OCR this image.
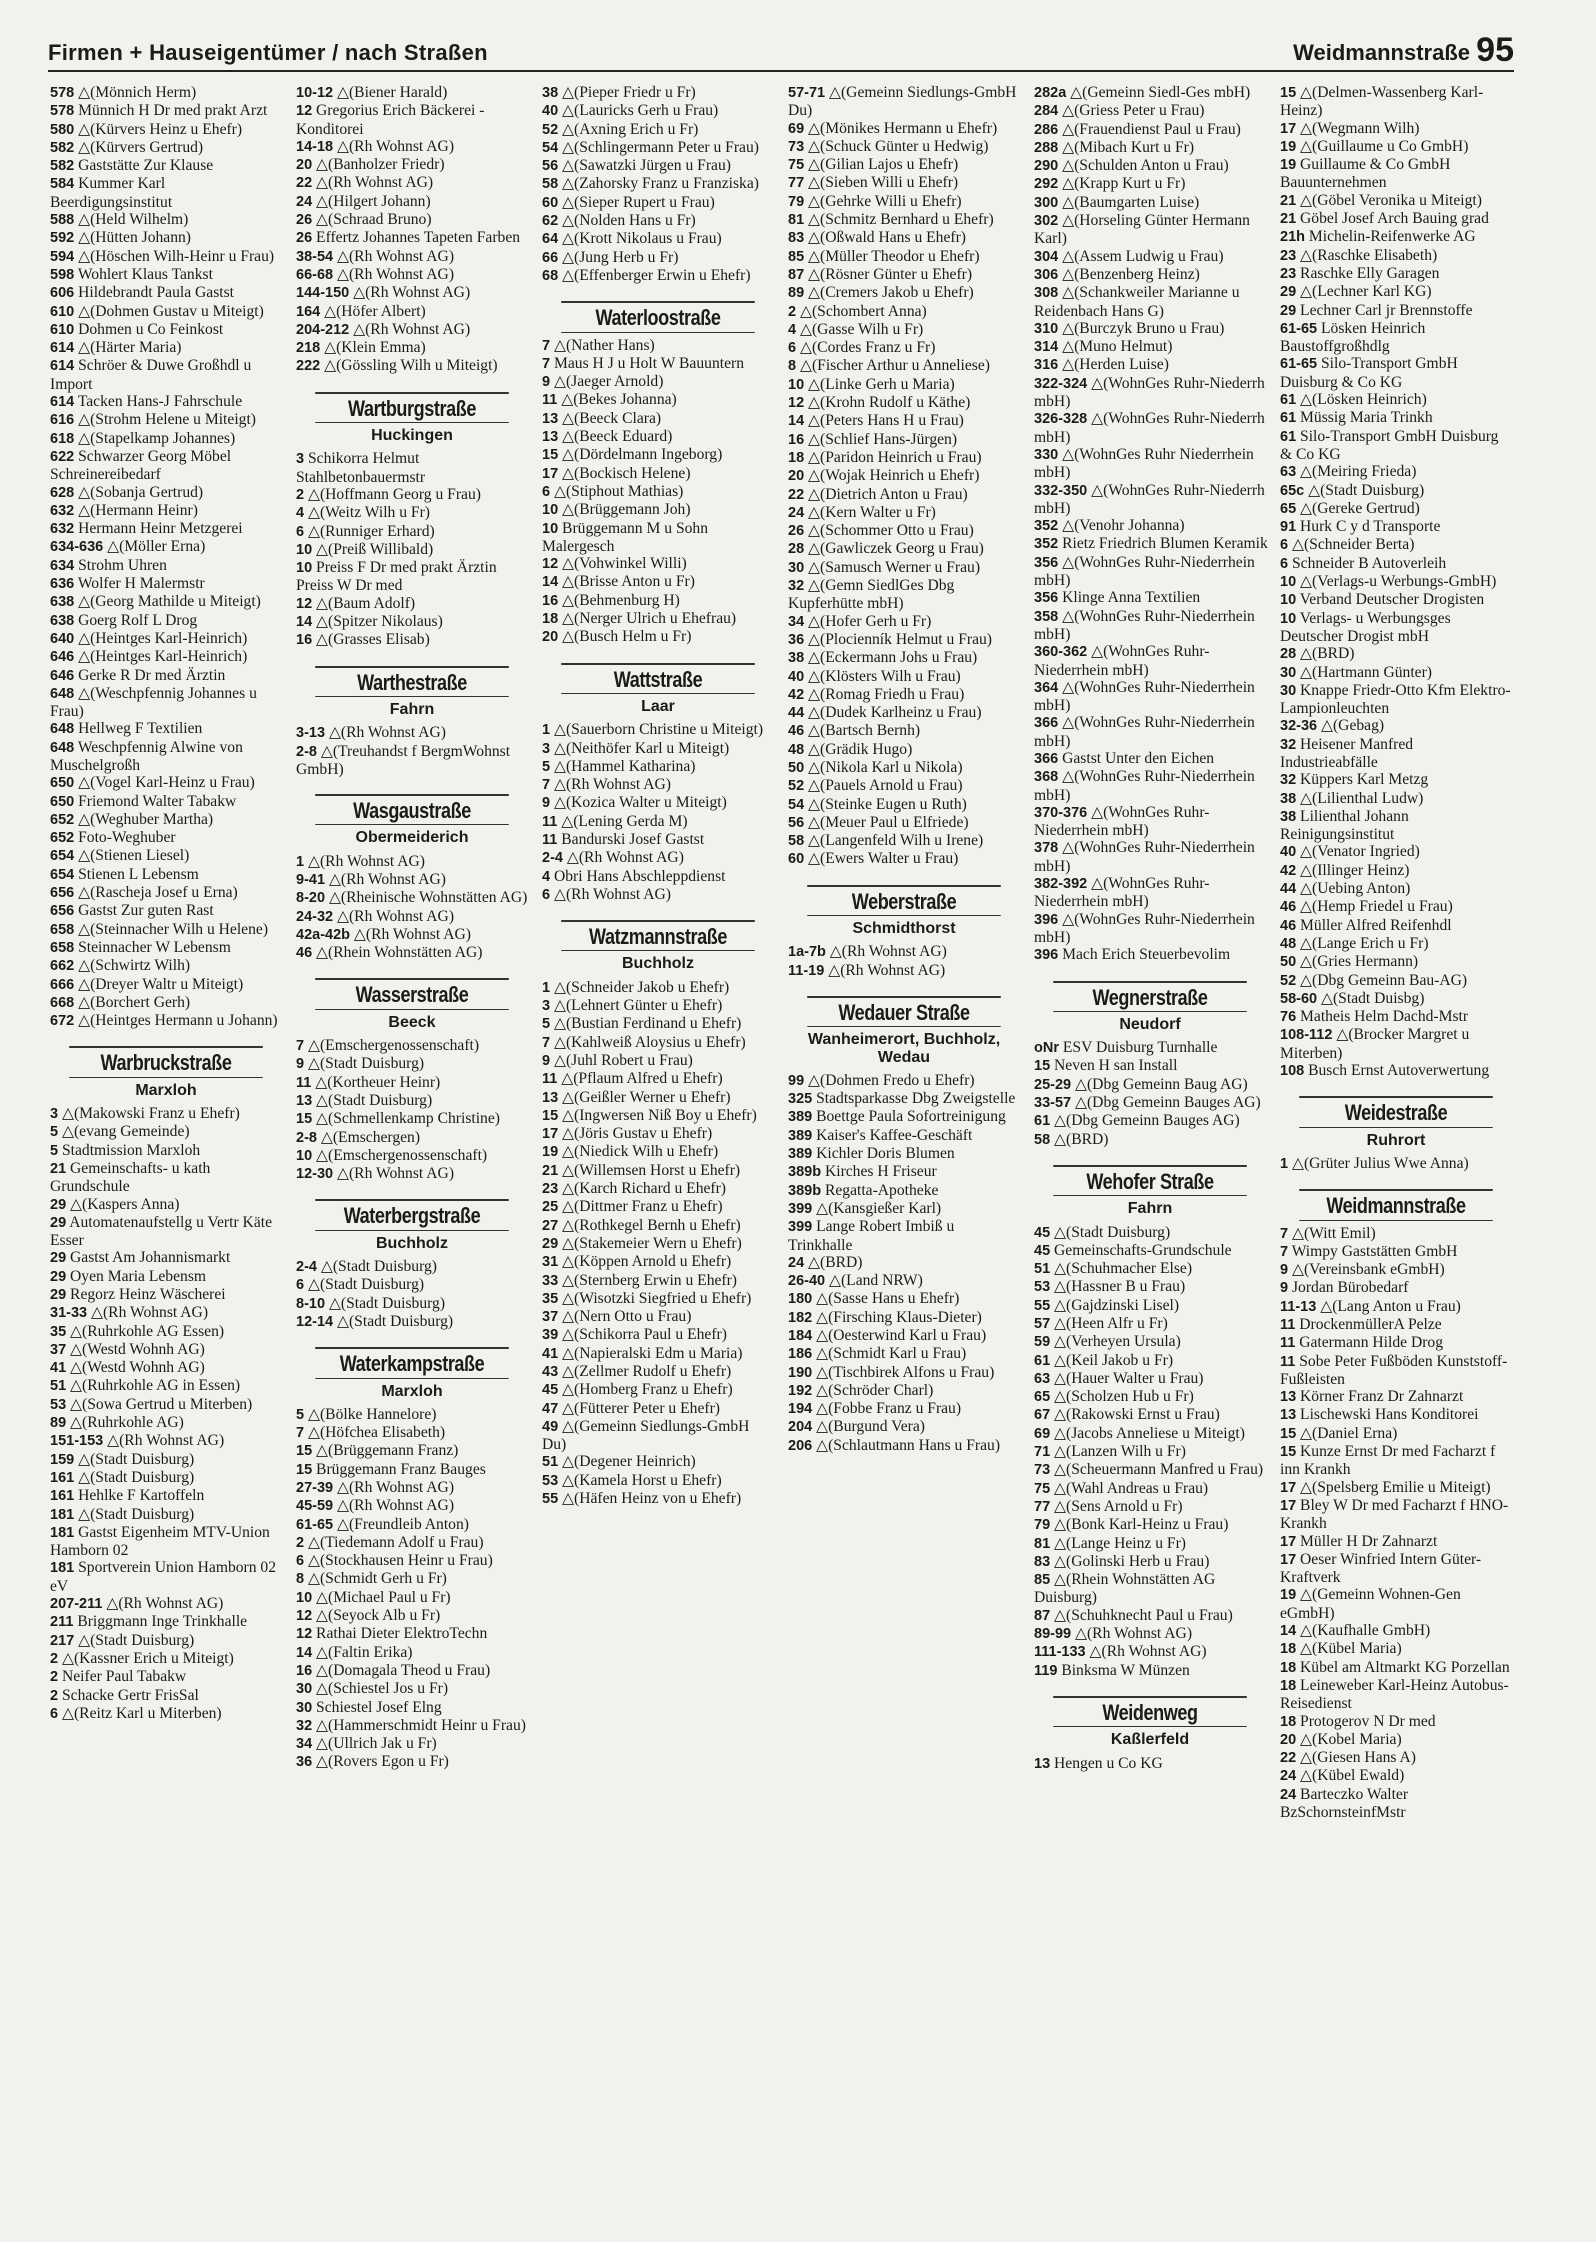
Firmen + Hauseigentümer / nach Straßen	Weidmannstraße 95
578 △(Mönnich Herm)
578 Münnich H Dr med prakt Arzt
580 △(Kürvers Heinz u Ehefr)
582 △(Kürvers Gertrud)
582 Gaststätte Zur Klause
584 Kummer Karl Beerdigungsinstitut
588 △(Held Wilhelm)
592 △(Hütten Johann)
594 △(Höschen Wilh-Heinr u Frau)
598 Wohlert Klaus Tankst
606 Hildebrandt Paula Gastst
610 △(Dohmen Gustav u Miteigt)
610 Dohmen u Co Feinkost
614 △(Härter Maria)
614 Schröer & Duwe Großhdl u Import
614 Tacken Hans-J Fahrschule
616 △(Strohm Helene u Miteigt)
618 △(Stapelkamp Johannes)
622 Schwarzer Georg Möbel Schreinereibedarf
628 △(Sobanja Gertrud)
632 △(Hermann Heinr)
632 Hermann Heinr Metzgerei
634-636 △(Möller Erna)
634 Strohm Uhren
636 Wolfer H Malermstr
638 △(Georg Mathilde u Miteigt)
638 Goerg Rolf L Drog
640 △(Heintges Karl-Heinrich)
646 △(Heintges Karl-Heinrich)
646 Gerke R Dr med Ärztin
648 △(Weschpfennig Johannes u Frau)
648 Hellweg F Textilien
648 Weschpfennig Alwine von Muschelgroßh
650 △(Vogel Karl-Heinz u Frau)
650 Friemond Walter Tabakw
652 △(Weghuber Martha)
652 Foto-Weghuber
654 △(Stienen Liesel)
654 Stienen L Lebensm
656 △(Rascheja Josef u Erna)
656 Gastst Zur guten Rast
658 △(Steinnacher Wilh u Helene)
658 Steinnacher W Lebensm
662 △(Schwirtz Wilh)
666 △(Dreyer Waltr u Miteigt)
668 △(Borchert Gerh)
672 △(Heintges Hermann u Johann)
Warbruckstraße
Marxloh
3 △(Makowski Franz u Ehefr)
5 △(evang Gemeinde)
5 Stadtmission Marxloh
21 Gemeinschafts- u kath Grundschule
29 △(Kaspers Anna)
29 Automatenaufstellg u Vertr Käte Esser
29 Gastst Am Johannismarkt
29 Oyen Maria Lebensm
29 Regorz Heinz Wäscherei
31-33 △(Rh Wohnst AG)
35 △(Ruhrkohle AG Essen)
37 △(Westd Wohnh AG)
41 △(Westd Wohnh AG)
51 △(Ruhrkohle AG in Essen)
53 △(Sowa Gertrud u Miterben)
89 △(Ruhrkohle AG)
151-153 △(Rh Wohnst AG)
159 △(Stadt Duisburg)
161 △(Stadt Duisburg)
161 Hehlke F Kartoffeln
181 △(Stadt Duisburg)
181 Gastst Eigenheim MTV-Union Hamborn 02
181 Sportverein Union Hamborn 02 eV
207-211 △(Rh Wohnst AG)
211 Briggmann Inge Trinkhalle
217 △(Stadt Duisburg)
2 △(Kassner Erich u Miteigt)
2 Neifer Paul Tabakw
2 Schacke Gertr FrisSal
6 △(Reitz Karl u Miterben)
10-12 △(Biener Harald)
12 Gregorius Erich Bäckerei - Konditorei
14-18 △(Rh Wohnst AG)
20 △(Banholzer Friedr)
22 △(Rh Wohnst AG)
24 △(Hilgert Johann)
26 △(Schraad Bruno)
26 Effertz Johannes Tapeten Farben
38-54 △(Rh Wohnst AG)
66-68 △(Rh Wohnst AG)
144-150 △(Rh Wohnst AG)
164 △(Höfer Albert)
204-212 △(Rh Wohnst AG)
218 △(Klein Emma)
222 △(Gössling Wilh u Miteigt)
Wartburgstraße
Huckingen
3 Schikorra Helmut Stahlbetonbauermstr
2 △(Hoffmann Georg u Frau)
4 △(Weitz Wilh u Fr)
6 △(Runniger Erhard)
10 △(Preiß Willibald)
10 Preiss F Dr med prakt Ärztin Preiss W Dr med
12 △(Baum Adolf)
14 △(Spitzer Nikolaus)
16 △(Grasses Elisab)
Warthestraße
Fahrn
3-13 △(Rh Wohnst AG)
2-8 △(Treuhandst f BergmWohnst GmbH)
Wasgaustraße
Obermeiderich
1 △(Rh Wohnst AG)
9-41 △(Rh Wohnst AG)
8-20 △(Rheinische Wohnstätten AG)
24-32 △(Rh Wohnst AG)
42a-42b △(Rh Wohnst AG)
46 △(Rhein Wohnstätten AG)
Wasserstraße
Beeck
7 △(Emschergenossenschaft)
9 △(Stadt Duisburg)
11 △(Kortheuer Heinr)
13 △(Stadt Duisburg)
15 △(Schmellenkamp Christine)
2-8 △(Emschergen)
10 △(Emschergenossenschaft)
12-30 △(Rh Wohnst AG)
Waterbergstraße
Buchholz
2-4 △(Stadt Duisburg)
6 △(Stadt Duisburg)
8-10 △(Stadt Duisburg)
12-14 △(Stadt Duisburg)
Waterkampstraße
Marxloh
5 △(Bölke Hannelore)
7 △(Höfchea Elisabeth)
15 △(Brüggemann Franz)
15 Brüggemann Franz Bauges
27-39 △(Rh Wohnst AG)
45-59 △(Rh Wohnst AG)
61-65 △(Freundleib Anton)
2 △(Tiedemann Adolf u Frau)
6 △(Stockhausen Heinr u Frau)
8 △(Schmidt Gerh u Fr)
10 △(Michael Paul u Fr)
12 △(Seyock Alb u Fr)
12 Rathai Dieter ElektroTechn
14 △(Faltin Erika)
16 △(Domagala Theod u Frau)
30 △(Schiestel Jos u Fr)
30 Schiestel Josef Elng
32 △(Hammerschmidt Heinr u Frau)
34 △(Ullrich Jak u Fr)
36 △(Rovers Egon u Fr)
38 △(Pieper Friedr u Fr)
40 △(Lauricks Gerh u Frau)
52 △(Axning Erich u Fr)
54 △(Schlingermann Peter u Frau)
56 △(Sawatzki Jürgen u Frau)
58 △(Zahorsky Franz u Franziska)
60 △(Sieper Rupert u Frau)
62 △(Nolden Hans u Fr)
64 △(Krott Nikolaus u Frau)
66 △(Jung Herb u Fr)
68 △(Effenberger Erwin u Ehefr)
Waterloostraße
7 △(Nather Hans)
7 Maus H J u Holt W Bauuntern
9 △(Jaeger Arnold)
11 △(Bekes Johanna)
13 △(Beeck Clara)
13 △(Beeck Eduard)
15 △(Dördelmann Ingeborg)
17 △(Bockisch Helene)
6 △(Stiphout Mathias)
10 △(Brüggemann Joh)
10 Brüggemann M u Sohn Malergesch
12 △(Vohwinkel Willi)
14 △(Brisse Anton u Fr)
16 △(Behmenburg H)
18 △(Nerger Ulrich u Ehefrau)
20 △(Busch Helm u Fr)
Wattstraße
Laar
1 △(Sauerborn Christine u Miteigt)
3 △(Neithöfer Karl u Miteigt)
5 △(Hammel Katharina)
7 △(Rh Wohnst AG)
9 △(Kozica Walter u Miteigt)
11 △(Lening Gerda M)
11 Bandurski Josef Gastst
2-4 △(Rh Wohnst AG)
4 Obri Hans Abschleppdienst
6 △(Rh Wohnst AG)
Watzmannstraße
Buchholz
1 △(Schneider Jakob u Ehefr)
3 △(Lehnert Günter u Ehefr)
5 △(Bustian Ferdinand u Ehefr)
7 △(Kahlweiß Aloysius u Ehefr)
9 △(Juhl Robert u Frau)
11 △(Pflaum Alfred u Ehefr)
13 △(Geißler Werner u Ehefr)
15 △(Ingwersen Niß Boy u Ehefr)
17 △(Jöris Gustav u Ehefr)
19 △(Niedick Wilh u Ehefr)
21 △(Willemsen Horst u Ehefr)
23 △(Karch Richard u Ehefr)
25 △(Dittmer Franz u Ehefr)
27 △(Rothkegel Bernh u Ehefr)
29 △(Stakemeier Wern u Ehefr)
31 △(Köppen Arnold u Ehefr)
33 △(Sternberg Erwin u Ehefr)
35 △(Wisotzki Siegfried u Ehefr)
37 △(Nern Otto u Frau)
39 △(Schikorra Paul u Ehefr)
41 △(Napieralski Edm u Maria)
43 △(Zellmer Rudolf u Ehefr)
45 △(Homberg Franz u Ehefr)
47 △(Fütterer Peter u Ehefr)
49 △(Gemeinn Siedlungs-GmbH Du)
51 △(Degener Heinrich)
53 △(Kamela Horst u Ehefr)
55 △(Häfen Heinz von u Ehefr)
57-71 △(Gemeinn Siedlungs-GmbH Du)
69 △(Mönikes Hermann u Ehefr)
73 △(Schuck Günter u Hedwig)
75 △(Gilian Lajos u Ehefr)
77 △(Sieben Willi u Ehefr)
79 △(Gehrke Willi u Ehefr)
81 △(Schmitz Bernhard u Ehefr)
83 △(Oßwald Hans u Ehefr)
85 △(Müller Theodor u Ehefr)
87 △(Rösner Günter u Ehefr)
89 △(Cremers Jakob u Ehefr)
2 △(Schombert Anna)
4 △(Gasse Wilh u Fr)
6 △(Cordes Franz u Fr)
8 △(Fischer Arthur u Anneliese)
10 △(Linke Gerh u Maria)
12 △(Krohn Rudolf u Käthe)
14 △(Peters Hans H u Frau)
16 △(Schlief Hans-Jürgen)
18 △(Paridon Heinrich u Frau)
20 △(Wojak Heinrich u Ehefr)
22 △(Dietrich Anton u Frau)
24 △(Kern Walter u Fr)
26 △(Schommer Otto u Frau)
28 △(Gawliczek Georg u Frau)
30 △(Samusch Werner u Frau)
32 △(Gemn SiedlGes Dbg Kupferhütte mbH)
34 △(Hofer Gerh u Fr)
36 △(Plocienník Helmut u Frau)
38 △(Eckermann Johs u Frau)
40 △(Klösters Wilh u Frau)
42 △(Romag Friedh u Frau)
44 △(Dudek Karlheinz u Frau)
46 △(Bartsch Bernh)
48 △(Grädik Hugo)
50 △(Nikola Karl u Nikola)
52 △(Pauels Arnold u Frau)
54 △(Steinke Eugen u Ruth)
56 △(Meuer Paul u Elfriede)
58 △(Langenfeld Wilh u Irene)
60 △(Ewers Walter u Frau)
Weberstraße
Schmidthorst
1a-7b △(Rh Wohnst AG)
11-19 △(Rh Wohnst AG)
Wedauer Straße
Wanheimerort, Buchholz, Wedau
99 △(Dohmen Fredo u Ehefr)
325 Stadtsparkasse Dbg Zweigstelle
389 Boettge Paula Sofortreinigung
389 Kaiser's Kaffee-Geschäft
389 Kichler Doris Blumen
389b Kirches H Friseur
389b Regatta-Apotheke
399 △(Kansgießer Karl)
399 Lange Robert Imbiß u Trinkhalle
24 △(BRD)
26-40 △(Land NRW)
180 △(Sasse Hans u Ehefr)
182 △(Firsching Klaus-Dieter)
184 △(Oesterwind Karl u Frau)
186 △(Schmidt Karl u Frau)
190 △(Tischbirek Alfons u Frau)
192 △(Schröder Charl)
194 △(Fobbe Franz u Frau)
204 △(Burgund Vera)
206 △(Schlautmann Hans u Frau)
282a △(Gemeinn Siedl-Ges mbH)
284 △(Griess Peter u Frau)
286 △(Frauendienst Paul u Frau)
288 △(Mibach Kurt u Fr)
290 △(Schulden Anton u Frau)
292 △(Krapp Kurt u Fr)
300 △(Baumgarten Luise)
302 △(Horseling Günter Hermann Karl)
304 △(Assem Ludwig u Frau)
306 △(Benzenberg Heinz)
308 △(Schankweiler Marianne u Reidenbach Hans G)
310 △(Burczyk Bruno u Frau)
314 △(Muno Helmut)
316 △(Herden Luise)
322-324 △(WohnGes Ruhr-Niederrh mbH)
326-328 △(WohnGes Ruhr-Niederrh mbH)
330 △(WohnGes Ruhr Niederrhein mbH)
332-350 △(WohnGes Ruhr-Niederrh mbH)
352 △(Venohr Johanna)
352 Rietz Friedrich Blumen Keramik
356 △(WohnGes Ruhr-Niederrhein mbH)
356 Klinge Anna Textilien
358 △(WohnGes Ruhr-Niederrhein mbH)
360-362 △(WohnGes Ruhr-Niederrhein mbH)
364 △(WohnGes Ruhr-Niederrhein mbH)
366 △(WohnGes Ruhr-Niederrhein mbH)
366 Gastst Unter den Eichen
368 △(WohnGes Ruhr-Niederrhein mbH)
370-376 △(WohnGes Ruhr-Niederrhein mbH)
378 △(WohnGes Ruhr-Niederrhein mbH)
382-392 △(WohnGes Ruhr-Niederrhein mbH)
396 △(WohnGes Ruhr-Niederrhein mbH)
396 Mach Erich Steuerbevolim
Wegnerstraße
Neudorf
oNr ESV Duisburg Turnhalle
15 Neven H san Install
25-29 △(Dbg Gemeinn Baug AG)
33-57 △(Dbg Gemeinn Bauges AG)
61 △(Dbg Gemeinn Bauges AG)
58 △(BRD)
Wehofer Straße
Fahrn
45 △(Stadt Duisburg)
45 Gemeinschafts-Grundschule
51 △(Schuhmacher Else)
53 △(Hassner B u Frau)
55 △(Gajdzinski Lisel)
57 △(Heen Alfr u Fr)
59 △(Verheyen Ursula)
61 △(Keil Jakob u Fr)
63 △(Hauer Walter u Frau)
65 △(Scholzen Hub u Fr)
67 △(Rakowski Ernst u Frau)
69 △(Jacobs Anneliese u Miteigt)
71 △(Lanzen Wilh u Fr)
73 △(Scheuermann Manfred u Frau)
75 △(Wahl Andreas u Frau)
77 △(Sens Arnold u Fr)
79 △(Bonk Karl-Heinz u Frau)
81 △(Lange Heinz u Fr)
83 △(Golinski Herb u Frau)
85 △(Rhein Wohnstätten AG Duisburg)
87 △(Schuhknecht Paul u Frau)
89-99 △(Rh Wohnst AG)
111-133 △(Rh Wohnst AG)
119 Binksma W Münzen
Weidenweg
Kaßlerfeld
13 Hengen u Co KG
15 △(Delmen-Wassenberg Karl-Heinz)
17 △(Wegmann Wilh)
19 △(Guillaume u Co GmbH)
19 Guillaume & Co GmbH Bauunternehmen
21 △(Göbel Veronika u Miteigt)
21 Göbel Josef Arch Bauing grad
21h Michelin-Reifenwerke AG
23 △(Raschke Elisabeth)
23 Raschke Elly Garagen
29 △(Lechner Karl KG)
29 Lechner Carl jr Brennstoffe
61-65 Lösken Heinrich Baustoffgroßhdlg
61-65 Silo-Transport GmbH Duisburg & Co KG
61 △(Lösken Heinrich)
61 Müssig Maria Trinkh
61 Silo-Transport GmbH Duisburg & Co KG
63 △(Meiring Frieda)
65c △(Stadt Duisburg)
65 △(Gereke Gertrud)
91 Hurk C y d Transporte
6 △(Schneider Berta)
6 Schneider B Autoverleih
10 △(Verlags-u Werbungs-GmbH)
10 Verband Deutscher Drogisten
10 Verlags- u Werbungsges Deutscher Drogist mbH
28 △(BRD)
30 △(Hartmann Günter)
30 Knappe Friedr-Otto Kfm Elektro-Lampionleuchten
32-36 △(Gebag)
32 Heisener Manfred Industrieabfälle
32 Küppers Karl Metzg
38 △(Lilienthal Ludw)
38 Lilienthal Johann Reinigungsinstitut
40 △(Venator Ingried)
42 △(Illinger Heinz)
44 △(Uebing Anton)
46 △(Hemp Friedel u Frau)
46 Müller Alfred Reifenhdl
48 △(Lange Erich u Fr)
50 △(Gries Hermann)
52 △(Dbg Gemeinn Bau-AG)
58-60 △(Stadt Duisbg)
76 Matheis Helm Dachd-Mstr
108-112 △(Brocker Margret u Miterben)
108 Busch Ernst Autoverwertung
Weidestraße
Ruhrort
1 △(Grüter Julius Wwe Anna)
Weidmannstraße
7 △(Witt Emil)
7 Wimpy Gaststätten GmbH
9 △(Vereinsbank eGmbH)
9 Jordan Bürobedarf
11-13 △(Lang Anton u Frau)
11 DrockenmüllerA Pelze
11 Gatermann Hilde Drog
11 Sobe Peter Fußböden Kunststoff-Fußleisten
13 Körner Franz Dr Zahnarzt
13 Lischewski Hans Konditorei
15 △(Daniel Erna)
15 Kunze Ernst Dr med Facharzt f inn Krankh
17 △(Spelsberg Emilie u Miteigt)
17 Bley W Dr med Facharzt f HNO-Krankh
17 Müller H Dr Zahnarzt
17 Oeser Winfried Intern Güter-Kraftverk
19 △(Gemeinn Wohnen-Gen eGmbH)
14 △(Kaufhalle GmbH)
18 △(Kübel Maria)
18 Kübel am Altmarkt KG Porzellan
18 Leineweber Karl-Heinz Autobus-Reisedienst
18 Protogerov N Dr med
20 △(Kobel Maria)
22 △(Giesen Hans A)
24 △(Kübel Ewald)
24 Barteczko Walter BzSchornsteinfMstr
